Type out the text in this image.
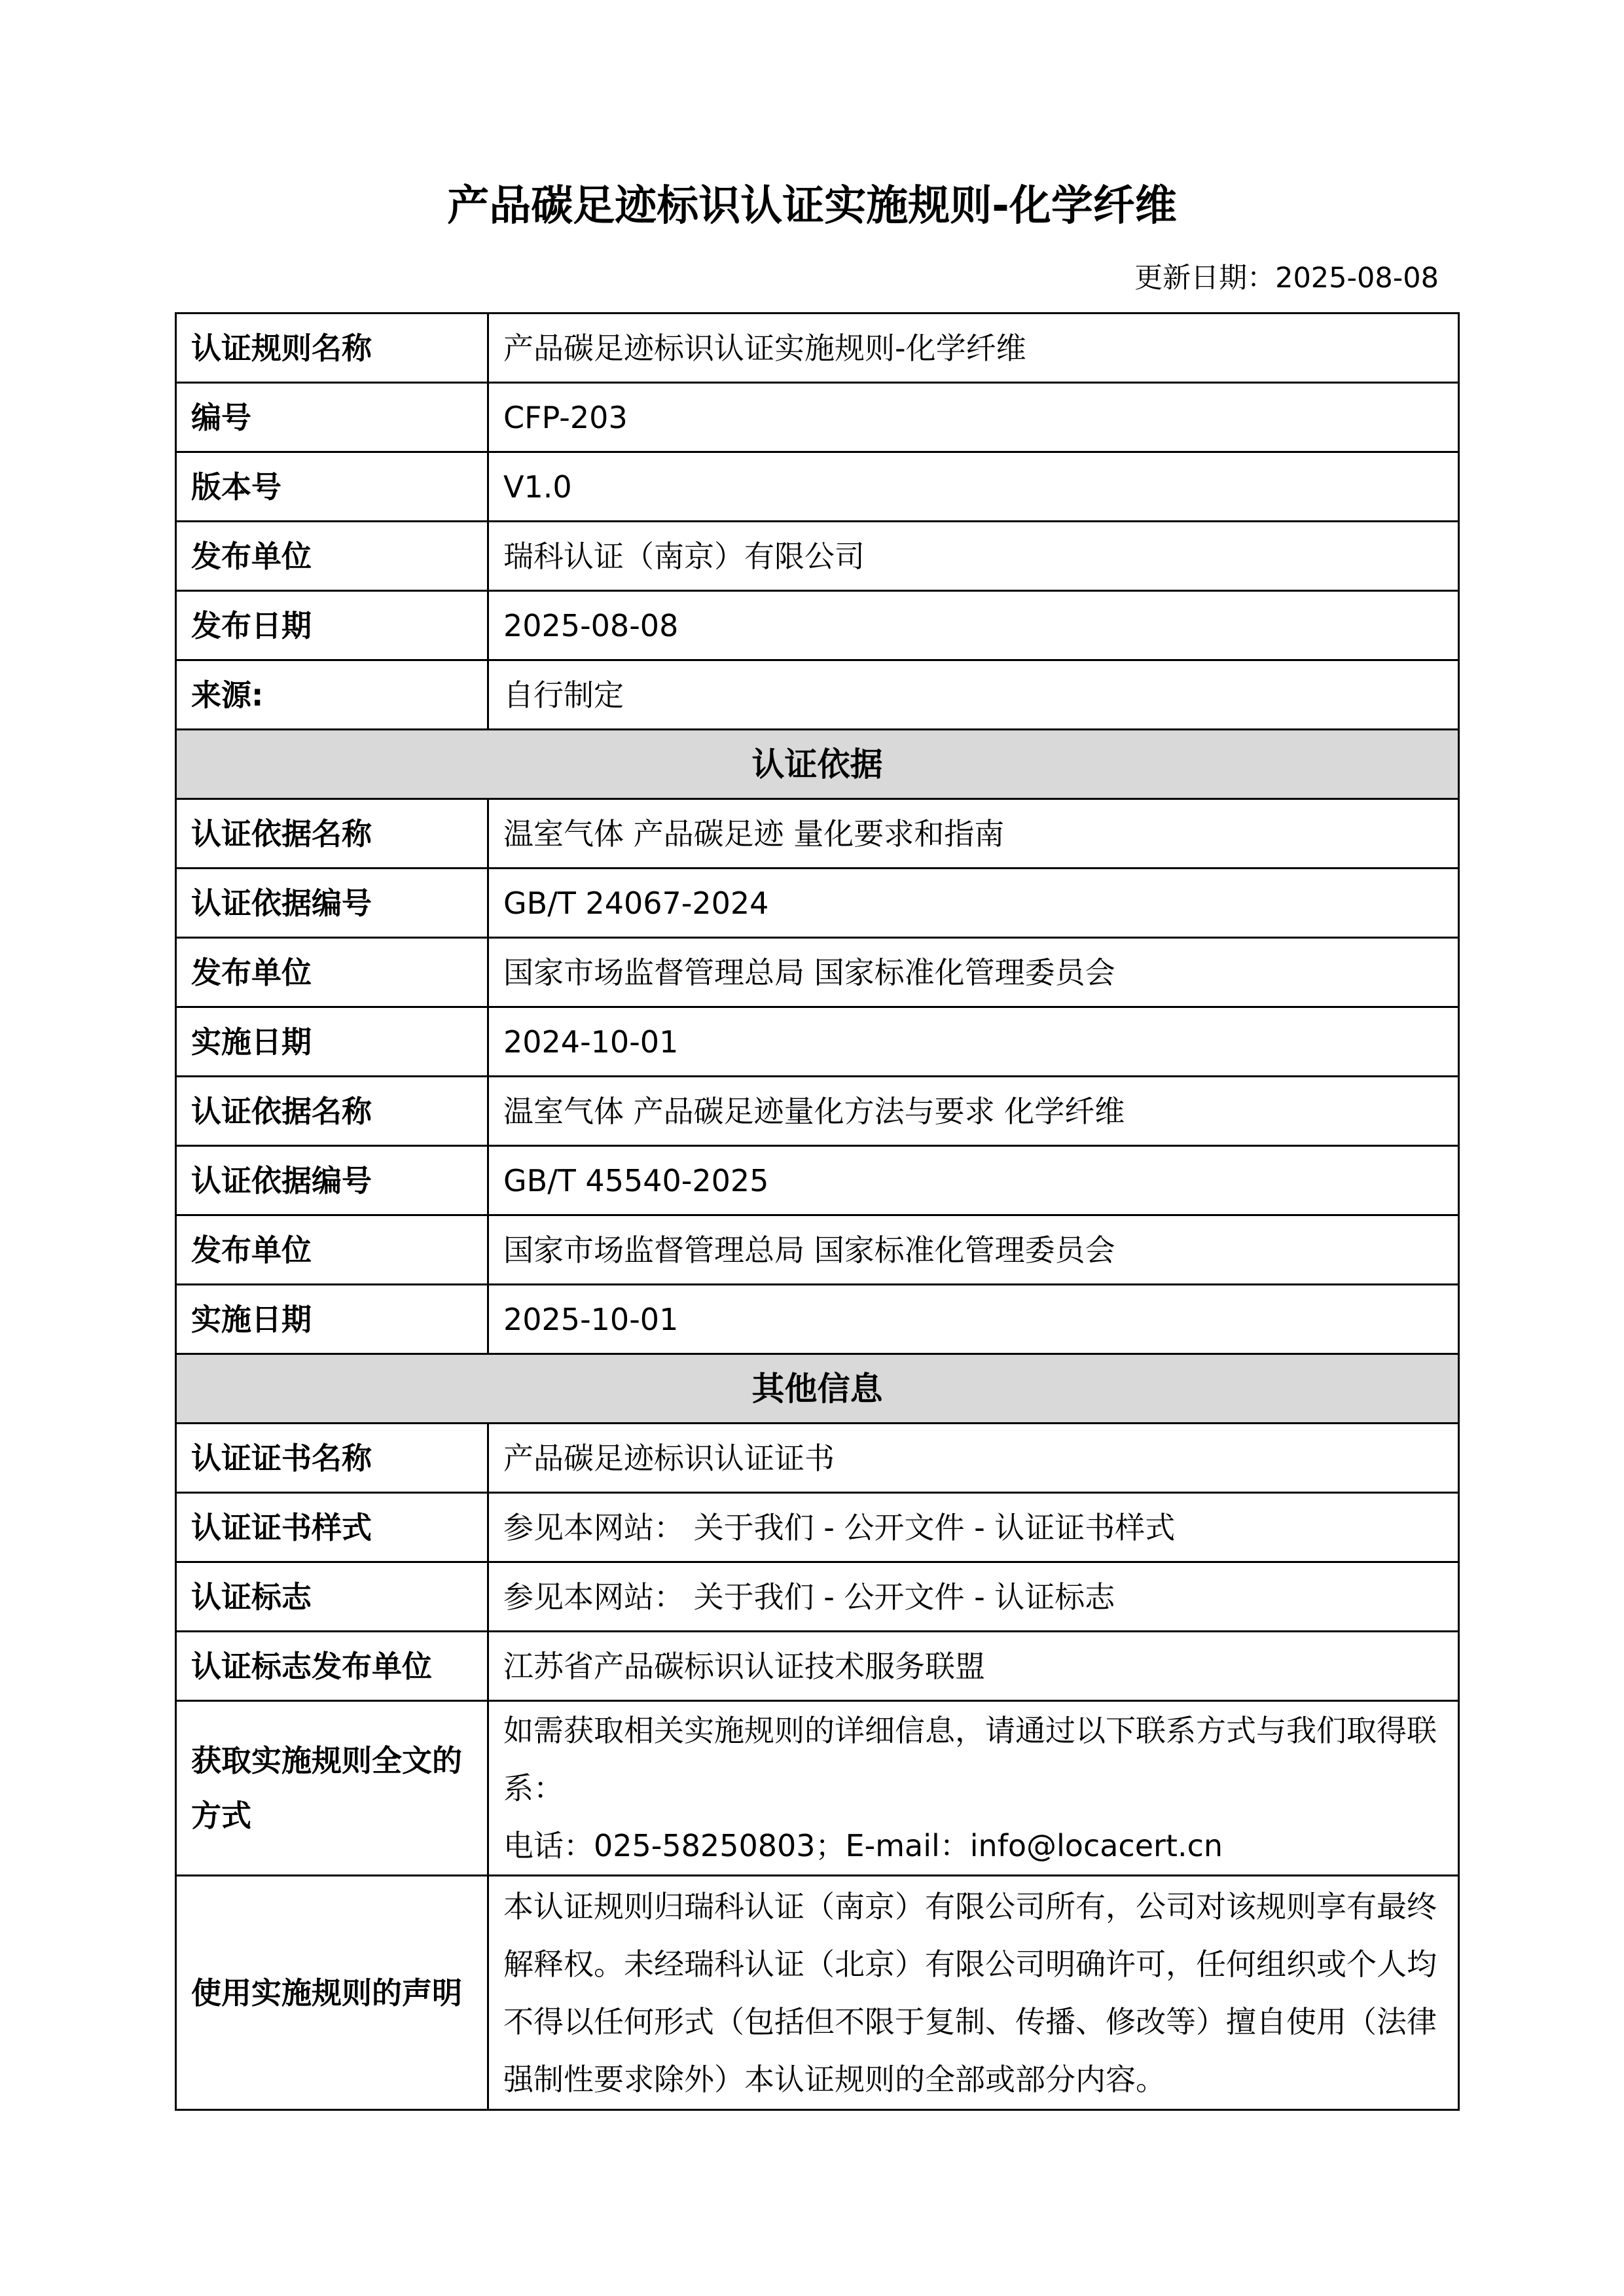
产品碳足迹标识认证实施规则-化学纤维
更新日期：2025-08-08
认证规则名称	产品碳足迹标识认证实施规则-化学纤维
编号	CFP-203
版本号	V1.0
发布单位	瑞科认证（南京）有限公司
发布日期	2025-08-08
来源:	自行制定
认证依据	
认证依据名称	温室气体 产品碳足迹 量化要求和指南
认证依据编号	GB/T 24067-2024
发布单位	国家市场监督管理总局 国家标准化管理委员会
实施日期	2024-10-01
认证依据名称	温室气体 产品碳足迹量化方法与要求 化学纤维
认证依据编号	GB/T 45540-2025
发布单位	国家市场监督管理总局 国家标准化管理委员会
实施日期	2025-10-01
其他信息	
认证证书名称	产品碳足迹标识认证证书
认证证书样式	参见本网站： 关于我们 - 公开文件 - 认证证书样式
认证标志	参见本网站： 关于我们 - 公开文件 - 认证标志
认证标志发布单位	江苏省产品碳标识认证技术服务联盟
获取实施规则全文的方式	如需获取相关实施规则的详细信息，请通过以下联系方式与我们取得联系：
电话：025-58250803；E-mail：info@locacert.cn

使用实施规则的声明	本认证规则归瑞科认证（南京）有限公司所有，公司对该规则享有最终解释权。未经瑞科认证（北京）有限公司明确许可，任何组织或个人均不得以任何形式（包括但不限于复制、传播、修改等）擅自使用（法律强制性要求除外）本认证规则的全部或部分内容。
